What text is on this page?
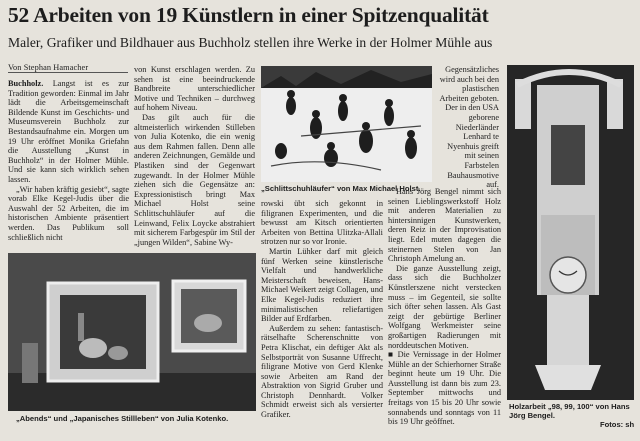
52 Arbeiten von 19 Künstlern in einer Spitzenqualität
Maler, Grafiker und Bildhauer aus Buchholz stellen ihre Werke in der Holmer Mühle aus
Von Stephan Hamacher

Buchholz. Langst ist es zur Tradition geworden: Einmal im Jahr lädt die Arbeitsgemeinschaft Bildende Kunst im Geschichts- und Museumsverein Buchholz zur Bestandsaufnahme ein. Morgen um 19 Uhr eröffnet Monika Griefahn die Ausstellung „Kunst in Buchholz“ in der Holmer Mühle. Und sie kann sich wirklich sehen lassen.

„Wir haben kräftig gesiebt“, sagte vorab Elke Kegel-Judis über die Auswahl der 52 Arbeiten, die im historischen Ambiente präsentiert werden. Das Publikum soll schließlich nicht

von Kunst erschlagen werden. Zu sehen ist eine beeindruckende Bandbreite unterschiedlicher Motive und Techniken – durchweg auf hohem Niveau.

Das gilt auch für die altmeisterlich wirkenden Stilleben von Julia Kotenko, die ein wenig aus dem Rahmen fallen. Denn alle anderen Zeichnungen, Gemälde und Plastiken sind der Gegenwart zugewandt. In der Holmer Mühle ziehen sich die Gegensätze an: Expressionistisch bringt Max Michael Holst seine Schlittschuhläufer auf die Leinwand, Felix Loycke abstrahiert mit sicherem Farbgespür im Stil der „jungen Wilden“, Sabine Wy-

„Schlittschuhläufer“ von Max Michael Holst.

Gegensätzliches wird auch bei den plastischen Arbeiten geboten. Der in den USA geborene Niederländer Lenhard te Nyenhuis greift mit seinen Farbstelen Bauhausmotive auf.

„Abends“ und „Japanisches Stillleben“ von Julia Kotenko.

rowski übt sich gekonnt in filigranen Experimenten, und die bewusst am Kitsch orientierten Arbeiten von Bettina Ulitzka-Allali strotzen nur so vor Ironie.

Martin Lühker darf mit gleich fünf Werken seine künstlerische Vielfalt und handwerkliche Meisterschaft beweisen, Hans-Michael Weikert zeigt Collagen, und Elke Kegel-Judis reduziert ihre minimalistischen reliefartigen Bilder auf Erdfarben.

Außerdem zu sehen: fantastisch-rätselhafte Scherenschnitte von Petra Klischat, ein deftiger Akt als Selbstporträt von Susanne Uffrecht, filigrane Motive von Gerd Klenke sowie Arbeiten am Rand der Abstraktion von Sigrid Gruber und Christoph Dennhardt. Volker Schmidt erweist sich als versierter Grafiker.

Hans Jörg Bengel nimmt sich seinen Lieblingswerkstoff Holz mit anderen Materialien zu hintersinnigen Kunstwerken, deren Reiz in der Improvisation liegt. Edel muten dagegen die steinernen Stelen von Jan Christoph Amelung an.

Die ganze Ausstellung zeigt, dass sich die Buchholzer Künstlerszene nicht verstecken muss – im Gegenteil, sie sollte sich öfter sehen lassen. Als Gast zeigt der gebürtige Berliner Wolfgang Werkmeister seine großartigen Radierungen mit norddeutschen Motiven.

■ Die Vernissage in der Holmer Mühle an der Schierhorner Straße beginnt heute um 19 Uhr. Die Ausstellung ist dann bis zum 23. September mittwochs und freitags von 15 bis 20 Uhr sowie sonnabends und sonntags von 11 bis 19 Uhr geöffnet.

Holzarbeit „98, 99, 100“ von Hans Jörg Bengel.
Fotos: sh
